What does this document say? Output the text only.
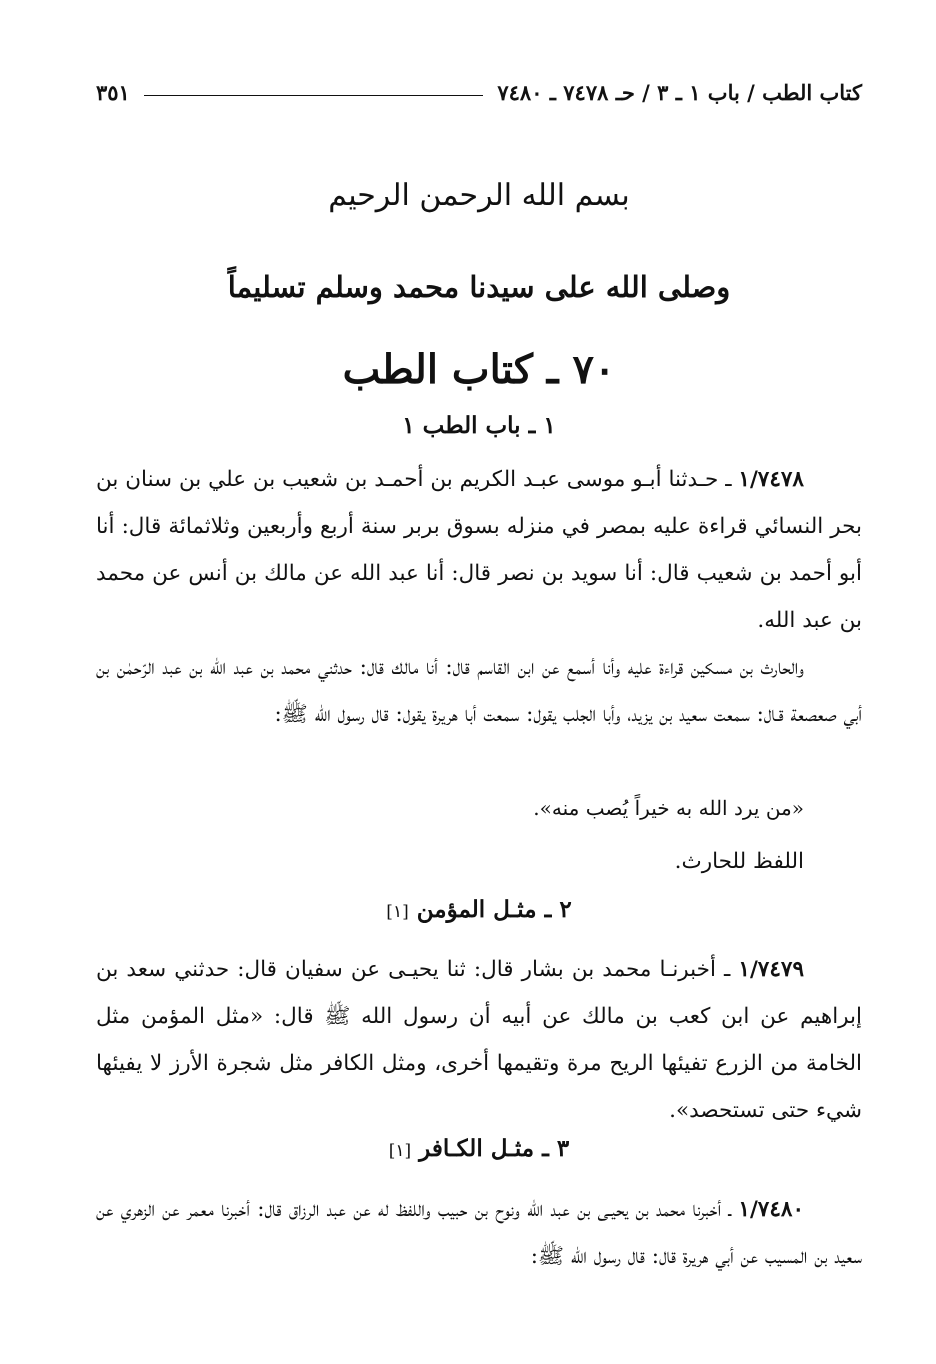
كتاب الطب / باب ١ ـ ٣ / حـ ٧٤٧٨ ـ ٧٤٨٠
٣٥١
بسم الله الرحمن الرحيم
وصلى الله على سيدنا محمد وسلم تسليماً
٧٠ ـ كتاب الطب
١ ـ باب الطب ١

١/٧٤٧٨ ـ حـدثنا أبـو موسى عبـد الكريم بن أحمـد بن شعيب بن علي بن سنان بن بحر النسائي قراءة عليه بمصر في منزله بسوق بربر سنة أربع وأربعين وثلاثمائة قال: أنا أبو أحمد بن شعيب قال: أنا سويد بن نصر قال: أنا عبد الله عن مالك بن أنس عن محمد بن عبد الله.

والحارث بن مسكين قراءة عليه وأنا أسمع عن ابن القاسم قال: أنا مالك قال: حدثني محمد بن عبد الله بن عبد الرّحمٰن بن أبي صعصعة قـال: سمعت سعيد بن يزيد، وأبا الجلب يقول: سمعت أبا هريرة يقول: قال رسول الله ﷺ:

«من يرد الله به خيراً يُصب منه».

اللفظ للحارث.

٢ ـ مثـل المؤمن [١]

١/٧٤٧٩ ـ أخبرنـا محمد بن بشار قال: ثنا يحيـى عن سفيان قال: حدثني سعد بن إبراهيم عن ابن كعب بن مالك عن أبيه أن رسول الله ﷺ قال: «مثل المؤمن مثل الخامة من الزرع تفيئها الريح مرة وتقيمها أخرى، ومثل الكافر مثل شجرة الأرز لا يفيئها شيء حتى تستحصد».

٣ ـ مثـل الكـافر [١]

١/٧٤٨٠ ـ أخبرنا محمد بن يحيـى بن عبد الله ونوح بن حبيب واللفظ له عن عبد الرزاق قال: أخبرنا معمر عن الزهري عن سعيد بن المسيب عن أبي هريرة قال: قال رسول الله ﷺ:
